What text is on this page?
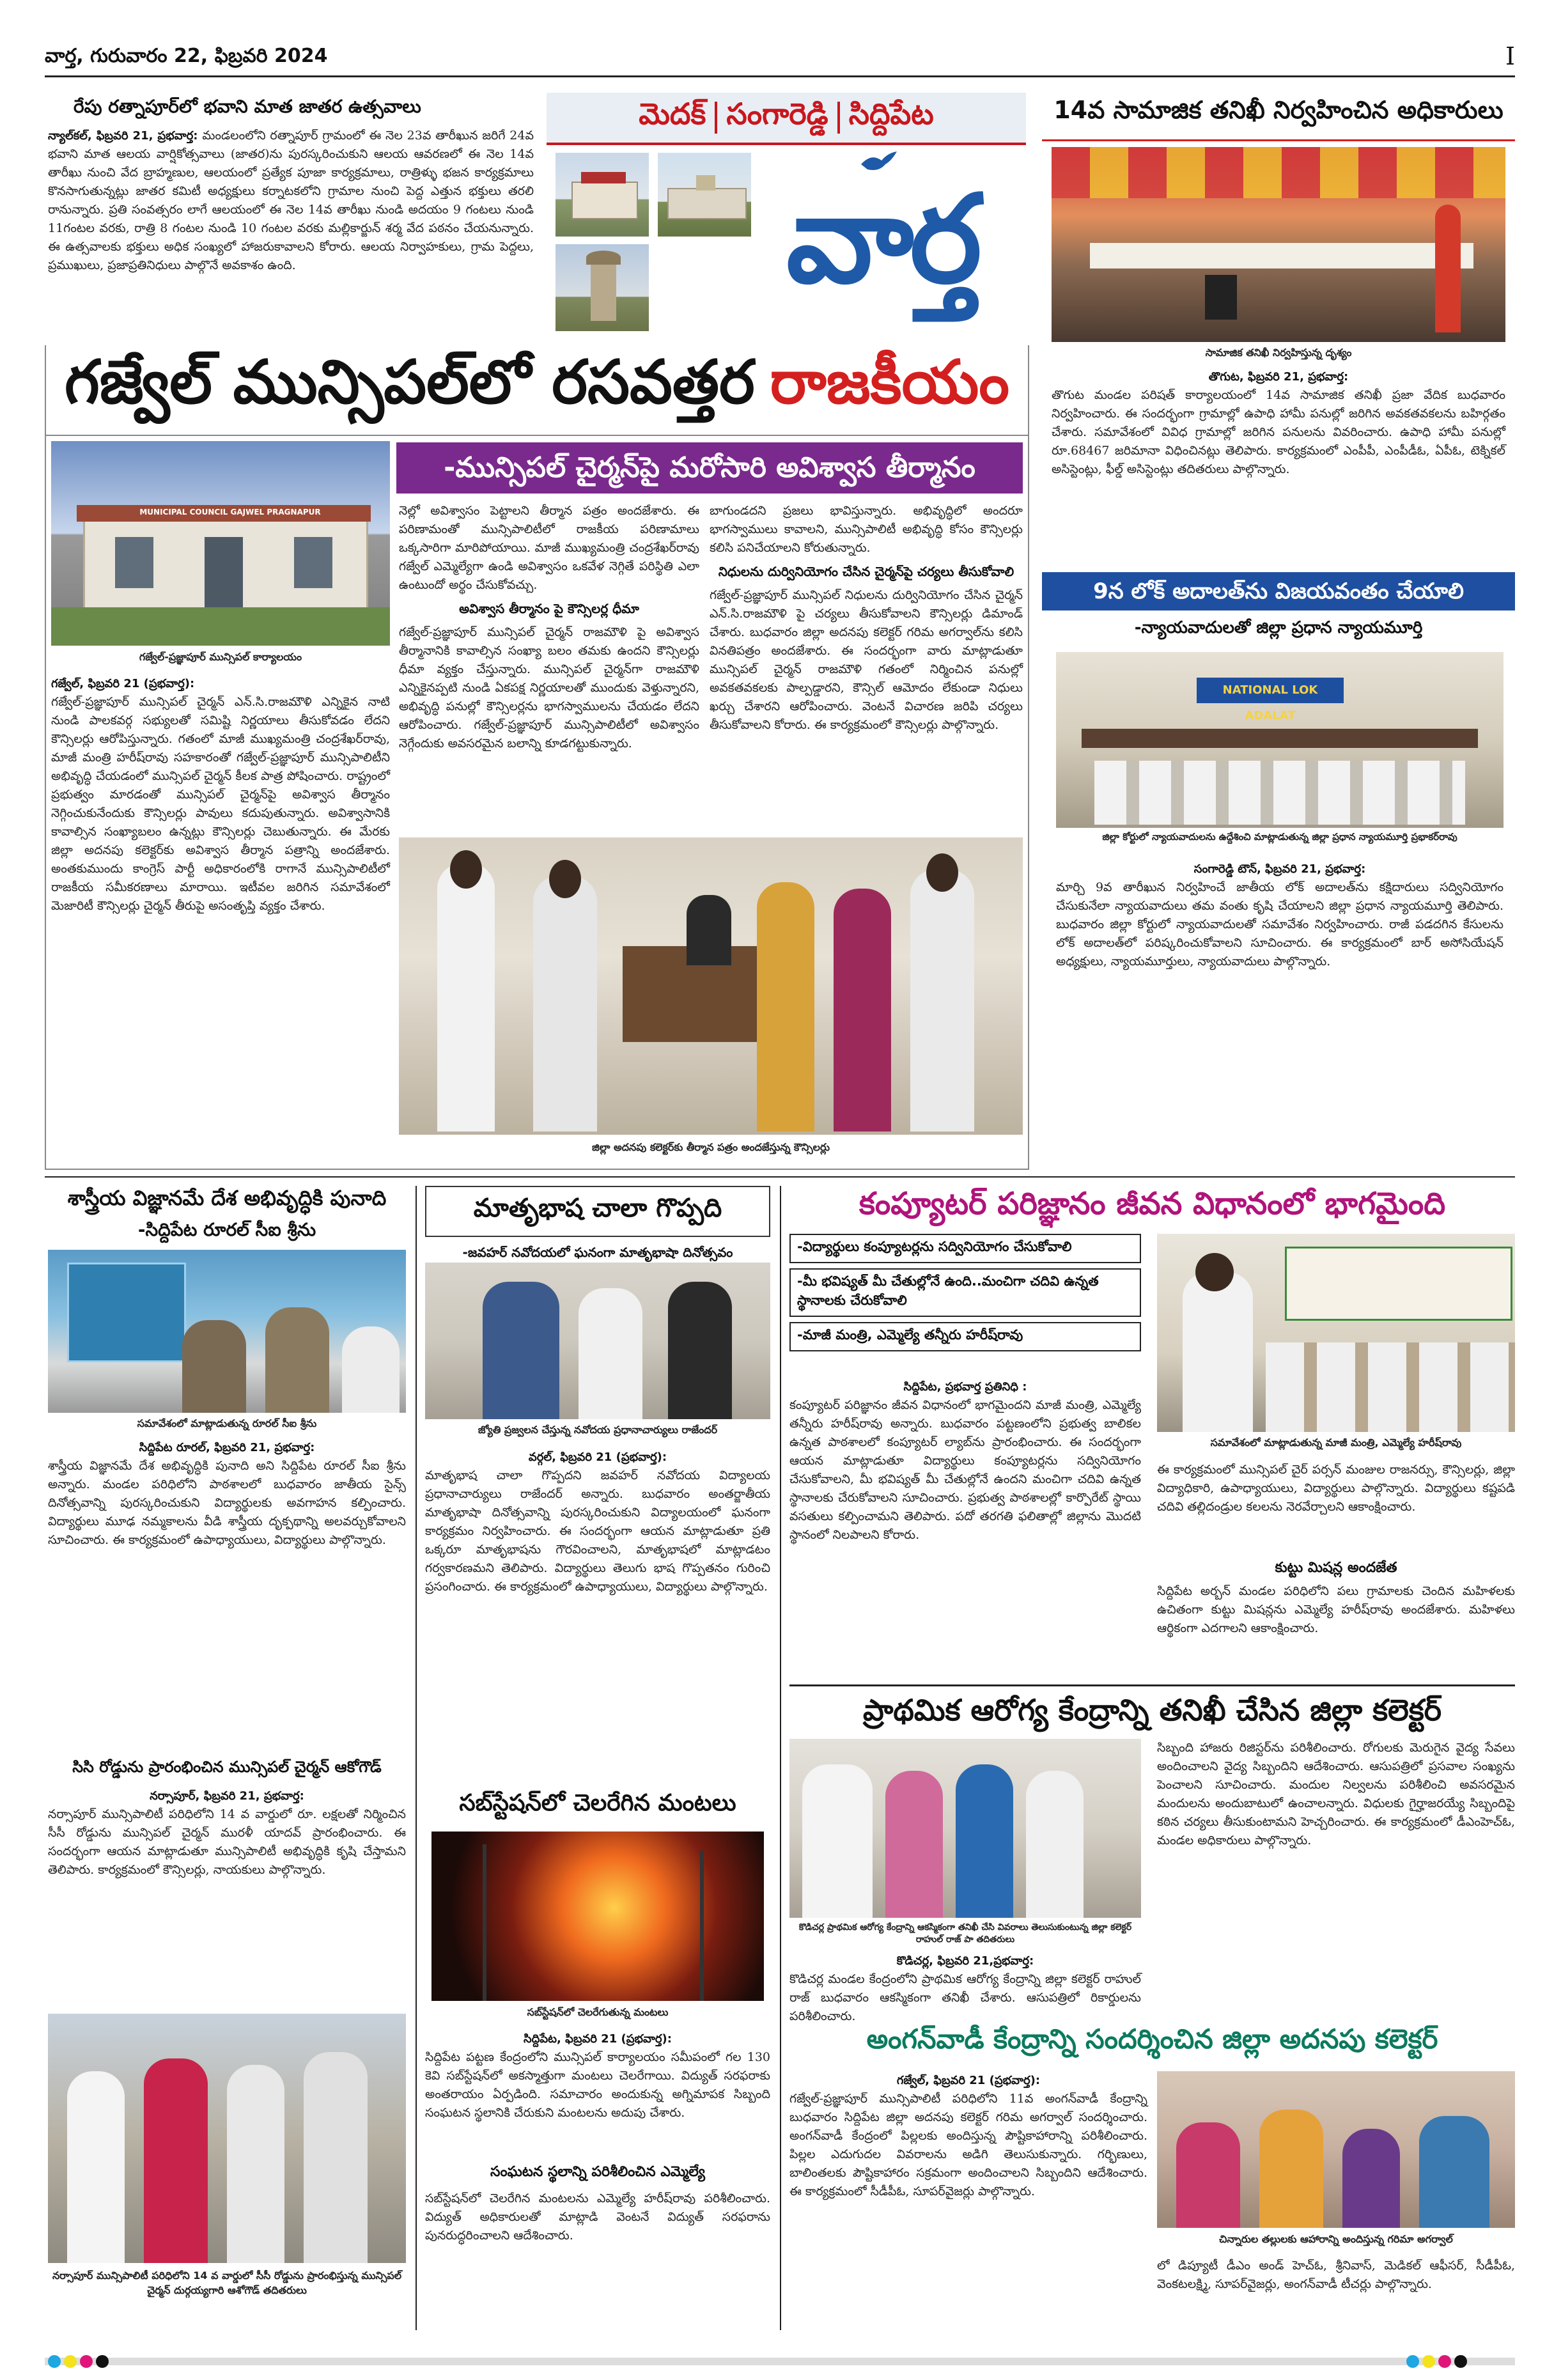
వార్త, గురువారం 22, ఫిబ్రవరి 2024	I
రేపు రత్నాపూర్‌లో భవాని మాత జాతర ఉత్సవాలు
న్యాల్‌కల్‌, ఫిబ్రవరి 21, ప్రభవార్త: మండలంలోని రత్నాపూర్ గ్రామంలో ఈ నెల 23వ తారీఖున జరిగే 24వ భవాని మాత ఆలయ వార్షికోత్సవాలు (జాతర)ను పురస్కరించుకుని ఆలయ ఆవరణలో ఈ నెల 14వ తారీఖు నుంచి వేద బ్రాహ్మణుల, ఆలయంలో ప్రత్యేక పూజా కార్యక్రమాలు, రాత్రిళ్ళు భజన కార్యక్రమాలు కొనసాగుతున్నట్లు జాతర కమిటీ అధ్యక్షులు కర్నాటకలోని గ్రామాల నుంచి పెద్ద ఎత్తున భక్తులు తరలి రానున్నారు. ప్రతి సంవత్సరం లాగే ఆలయంలో ఈ నెల 14వ తారీఖు నుండి అదయం 9 గంటలు నుండి 11గంటల వరకు, రాత్రి 8 గంటల నుండి 10 గంటల వరకు మల్లికార్జున్ శర్మ వేద పఠనం చేయనున్నారు. ఈ ఉత్సవాలకు భక్తులు అధిక సంఖ్యలో హాజరుకావాలని కోరారు. ఆలయ నిర్వాహకులు, గ్రామ పెద్దలు, ప్రముఖులు, ప్రజాప్రతినిధులు పాల్గొనే అవకాశం ఉంది.
మెదక్ సంగారెడ్డి సిద్దిపేట
వార్త
గజ్వేల్ మున్సిపల్‌లో రసవత్తర రాజకీయం
MUNICIPAL COUNCIL GAJWEL PRAGNAPUR
గజ్వేల్-ప్రజ్ఞాపూర్ మున్సిపల్ కార్యాలయం
-మున్సిపల్ చైర్మన్‌పై మరోసారి అవిశ్వాస తీర్మానం
గజ్వేల్‌, ఫిబ్రవరి 21 (ప్రభవార్త):
గజ్వేల్-ప్రజ్ఞాపూర్ మున్సిపల్ చైర్మన్ ఎన్.సి.రాజమౌళి ఎన్నికైన నాటి నుండి పాలకవర్గ సభ్యులతో సమిష్టి నిర్ణయాలు తీసుకోవడం లేదని కౌన్సిలర్లు ఆరోపిస్తున్నారు. గతంలో మాజీ ముఖ్యమంత్రి చంద్రశేఖర్‌రావు, మాజీ మంత్రి హరీష్‌రావు సహకారంతో గజ్వేల్-ప్రజ్ఞాపూర్ మున్సిపాలిటీని అభివృద్ధి చేయడంలో మున్సిపల్ చైర్మన్ కీలక పాత్ర పోషించారు. రాష్ట్రంలో ప్రభుత్వం మారడంతో మున్సిపల్ చైర్మన్‌పై అవిశ్వాస తీర్మానం నెగ్గించుకునేందుకు కౌన్సిలర్లు పావులు కదుపుతున్నారు. అవిశ్వాసానికి కావాల్సిన సంఖ్యాబలం ఉన్నట్లు కౌన్సిలర్లు చెబుతున్నారు. ఈ మేరకు జిల్లా అదనపు కలెక్టర్‌కు అవిశ్వాస తీర్మాన పత్రాన్ని అందజేశారు. అంతకుముందు కాంగ్రెస్ పార్టీ అధికారంలోకి రాగానే మున్సిపాలిటీలో రాజకీయ సమీకరణాలు మారాయి. ఇటీవల జరిగిన సమావేశంలో మెజారిటీ కౌన్సిలర్లు చైర్మన్ తీరుపై అసంతృప్తి వ్యక్తం చేశారు.
నెల్లో అవిశ్వాసం పెట్టాలని తీర్మాన పత్రం అందజేశారు. ఈ పరిణామంతో మున్సిపాలిటీలో రాజకీయ పరిణామాలు ఒక్కసారిగా మారిపోయాయి. మాజీ ముఖ్యమంత్రి చంద్రశేఖర్‌రావు గజ్వేల్ ఎమ్మెల్యేగా ఉండి అవిశ్వాసం ఒకవేళ నెగ్గితే పరిస్థితి ఎలా ఉంటుందో అర్థం చేసుకోవచ్చు.
అవిశ్వాస తీర్మానం పై కౌన్సిలర్ల ధీమా
గజ్వేల్-ప్రజ్ఞాపూర్ మున్సిపల్ చైర్మన్ రాజమౌళి పై అవిశ్వాస తీర్మానానికి కావాల్సిన సంఖ్యా బలం తమకు ఉందని కౌన్సిలర్లు ధీమా వ్యక్తం చేస్తున్నారు. మున్సిపల్ చైర్మన్‌గా రాజమౌళి ఎన్నికైనప్పటి నుండి ఏకపక్ష నిర్ణయాలతో ముందుకు వెళ్తున్నారని, అభివృద్ధి పనుల్లో కౌన్సిలర్లను భాగస్వాములను చేయడం లేదని ఆరోపించారు. గజ్వేల్-ప్రజ్ఞాపూర్ మున్సిపాలిటీలో అవిశ్వాసం నెగ్గేందుకు అవసరమైన బలాన్ని కూడగట్టుకున్నారు.
బాగుండదని ప్రజలు భావిస్తున్నారు. అభివృద్ధిలో అందరూ భాగస్వాములు కావాలని, మున్సిపాలిటీ అభివృద్ధి కోసం కౌన్సిలర్లు కలిసి పనిచేయాలని కోరుతున్నారు.
నిధులను దుర్వినియోగం చేసిన చైర్మన్‌పై చర్యలు తీసుకోవాలి
గజ్వేల్-ప్రజ్ఞాపూర్ మున్సిపల్ నిధులను దుర్వినియోగం చేసిన చైర్మన్ ఎన్.సి.రాజమౌళి పై చర్యలు తీసుకోవాలని కౌన్సిలర్లు డిమాండ్ చేశారు. బుధవారం జిల్లా అదనపు కలెక్టర్ గరిమ అగర్వాల్‌ను కలిసి వినతిపత్రం అందజేశారు. ఈ సందర్భంగా వారు మాట్లాడుతూ మున్సిపల్ చైర్మన్ రాజమౌళి గతంలో నిర్మించిన పనుల్లో అవకతవకలకు పాల్పడ్డారని, కౌన్సిల్ ఆమోదం లేకుండా నిధులు ఖర్చు చేశారని ఆరోపించారు. వెంటనే విచారణ జరిపి చర్యలు తీసుకోవాలని కోరారు. ఈ కార్యక్రమంలో కౌన్సిలర్లు పాల్గొన్నారు.
జిల్లా అదనపు కలెక్టర్‌కు తీర్మాన పత్రం అందజేస్తున్న కౌన్సిలర్లు
14వ సామాజిక తనిఖీ నిర్వహించిన అధికారులు
సామాజిక తనిఖీ నిర్వహిస్తున్న దృశ్యం
తొగుట, ఫిబ్రవరి 21, ప్రభవార్త:
తొగుట మండల పరిషత్ కార్యాలయంలో 14వ సామాజిక తనిఖీ ప్రజా వేదిక బుధవారం నిర్వహించారు. ఈ సందర్భంగా గ్రామాల్లో ఉపాధి హామీ పనుల్లో జరిగిన అవకతవకలను బహిర్గతం చేశారు. సమావేశంలో వివిధ గ్రామాల్లో జరిగిన పనులను వివరించారు. ఉపాధి హామీ పనుల్లో రూ.68467 జరిమానా విధించినట్లు తెలిపారు. కార్యక్రమంలో ఎంపీపీ, ఎంపీడీఓ, ఏపీఓ, టెక్నికల్ అసిస్టెంట్లు, ఫీల్డ్ అసిస్టెంట్లు తదితరులు పాల్గొన్నారు.
9న లోక్ అదాలత్‌ను విజయవంతం చేయాలి
-న్యాయవాదులతో జిల్లా ప్రధాన న్యాయమూర్తి
NATIONAL LOK ADALAT
జిల్లా కోర్టులో న్యాయవాదులను ఉద్దేశించి మాట్లాడుతున్న జిల్లా ప్రధాన న్యాయమూర్తి ప్రభాకర్‌రావు
సంగారెడ్డి టౌన్, ఫిబ్రవరి 21, ప్రభవార్త:
మార్చి 9వ తారీఖున నిర్వహించే జాతీయ లోక్ అదాలత్‌ను కక్షిదారులు సద్వినియోగం చేసుకునేలా న్యాయవాదులు తమ వంతు కృషి చేయాలని జిల్లా ప్రధాన న్యాయమూర్తి తెలిపారు. బుధవారం జిల్లా కోర్టులో న్యాయవాదులతో సమావేశం నిర్వహించారు. రాజీ పడదగిన కేసులను లోక్ అదాలత్‌లో పరిష్కరించుకోవాలని సూచించారు. ఈ కార్యక్రమంలో బార్ అసోసియేషన్ అధ్యక్షులు, న్యాయమూర్తులు, న్యాయవాదులు పాల్గొన్నారు.
శాస్త్రీయ విజ్ఞానమే దేశ అభివృద్ధికి పునాది
-సిద్దిపేట రూరల్ సీఐ శ్రీను
సమావేశంలో మాట్లాడుతున్న రూరల్ సీఐ శ్రీను
సిద్దిపేట రూరల్, ఫిబ్రవరి 21, ప్రభవార్త:
శాస్త్రీయ విజ్ఞానమే దేశ అభివృద్ధికి పునాది అని సిద్దిపేట రూరల్ సీఐ శ్రీను అన్నారు. మండల పరిధిలోని పాఠశాలలో బుధవారం జాతీయ సైన్స్ దినోత్సవాన్ని పురస్కరించుకుని విద్యార్థులకు అవగాహన కల్పించారు. విద్యార్థులు మూఢ నమ్మకాలను వీడి శాస్త్రీయ దృక్పథాన్ని అలవర్చుకోవాలని సూచించారు. ఈ కార్యక్రమంలో ఉపాధ్యాయులు, విద్యార్థులు పాల్గొన్నారు.
సిసి రోడ్డును ప్రారంభించిన మున్సిపల్ చైర్మన్ ఆకోగౌడ్
నర్సాపూర్, ఫిబ్రవరి 21, ప్రభవార్త:
నర్సాపూర్ మున్సిపాలిటీ పరిధిలోని 14 వ వార్డులో రూ. లక్షలతో నిర్మించిన సీసీ రోడ్డును మున్సిపల్ చైర్మన్ మురళీ యాదవ్ ప్రారంభించారు. ఈ సందర్భంగా ఆయన మాట్లాడుతూ మున్సిపాలిటీ అభివృద్ధికి కృషి చేస్తామని తెలిపారు. కార్యక్రమంలో కౌన్సిలర్లు, నాయకులు పాల్గొన్నారు.
నర్సాపూర్ మున్సిపాలిటీ పరిధిలోని 14 వ వార్డులో సీసీ రోడ్డును ప్రారంభిస్తున్న మున్సిపల్ చైర్మన్ దుర్గయ్యగారి ఆశోగౌడ్ తదితరులు
మాతృభాష చాలా గొప్పది
-జవహర్ నవోదయలో ఘనంగా మాతృభాషా దినోత్సవం
జ్యోతి ప్రజ్వలన చేస్తున్న నవోదయ ప్రధానాచార్యులు రాజేందర్
వర్గల్, ఫిబ్రవరి 21 (ప్రభవార్త):
మాతృభాష చాలా గొప్పదని జవహర్ నవోదయ విద్యాలయ ప్రధానాచార్యులు రాజేందర్ అన్నారు. బుధవారం అంతర్జాతీయ మాతృభాషా దినోత్సవాన్ని పురస్కరించుకుని విద్యాలయంలో ఘనంగా కార్యక్రమం నిర్వహించారు. ఈ సందర్భంగా ఆయన మాట్లాడుతూ ప్రతి ఒక్కరూ మాతృభాషను గౌరవించాలని, మాతృభాషలో మాట్లాడటం గర్వకారణమని తెలిపారు. విద్యార్థులు తెలుగు భాష గొప్పతనం గురించి ప్రసంగించారు. ఈ కార్యక్రమంలో ఉపాధ్యాయులు, విద్యార్థులు పాల్గొన్నారు.
సబ్‌స్టేషన్‌లో చెలరేగిన మంటలు
సబ్‌స్టేషన్‌లో చెలరేగుతున్న మంటలు
సిద్దిపేట, ఫిబ్రవరి 21 (ప్రభవార్త):
సిద్దిపేట పట్టణ కేంద్రంలోని మున్సిపల్ కార్యాలయం సమీపంలో గల 130 కెవి సబ్‌స్టేషన్‌లో అకస్మాత్తుగా మంటలు చెలరేగాయి. విద్యుత్ సరఫరాకు అంతరాయం ఏర్పడింది. సమాచారం అందుకున్న అగ్నిమాపక సిబ్బంది సంఘటన స్థలానికి చేరుకుని మంటలను అదుపు చేశారు.
సంఘటన స్థలాన్ని పరిశీలించిన ఎమ్మెల్యే
సబ్‌స్టేషన్‌లో చెలరేగిన మంటలను ఎమ్మెల్యే హరీష్‌రావు పరిశీలించారు. విద్యుత్ అధికారులతో మాట్లాడి వెంటనే విద్యుత్ సరఫరాను పునరుద్ధరించాలని ఆదేశించారు.
కంప్యూటర్ పరిజ్ఞానం జీవన విధానంలో భాగమైంది
-విద్యార్థులు కంప్యూటర్లను సద్వినియోగం చేసుకోవాలి
-మీ భవిష్యత్ మీ చేతుల్లోనే ఉంది..మంచిగా చదివి ఉన్నత స్థానాలకు చేరుకోవాలి
-మాజీ మంత్రి, ఎమ్మెల్యే తన్నీరు హరీష్‌రావు
సిద్దిపేట, ప్రభవార్త ప్రతినిధి :
కంప్యూటర్ పరిజ్ఞానం జీవన విధానంలో భాగమైందని మాజీ మంత్రి, ఎమ్మెల్యే తన్నీరు హరీష్‌రావు అన్నారు. బుధవారం పట్టణంలోని ప్రభుత్వ బాలికల ఉన్నత పాఠశాలలో కంప్యూటర్ ల్యాబ్‌ను ప్రారంభించారు. ఈ సందర్భంగా ఆయన మాట్లాడుతూ విద్యార్థులు కంప్యూటర్లను సద్వినియోగం చేసుకోవాలని, మీ భవిష్యత్ మీ చేతుల్లోనే ఉందని మంచిగా చదివి ఉన్నత స్థానాలకు చేరుకోవాలని సూచించారు. ప్రభుత్వ పాఠశాలల్లో కార్పొరేట్ స్థాయి వసతులు కల్పించామని తెలిపారు. పదో తరగతి ఫలితాల్లో జిల్లాను మొదటి స్థానంలో నిలపాలని కోరారు.
సమావేశంలో మాట్లాడుతున్న మాజీ మంత్రి, ఎమ్మెల్యే హరీష్‌రావు
ఈ కార్యక్రమంలో మున్సిపల్ చైర్ పర్సన్ మంజుల రాజనర్సు, కౌన్సిలర్లు, జిల్లా విద్యాధికారి, ఉపాధ్యాయులు, విద్యార్థులు పాల్గొన్నారు. విద్యార్థులు కష్టపడి చదివి తల్లిదండ్రుల కలలను నెరవేర్చాలని ఆకాంక్షించారు.
కుట్టు మిషన్ల అందజేత
సిద్దిపేట అర్బన్ మండల పరిధిలోని పలు గ్రామాలకు చెందిన మహిళలకు ఉచితంగా కుట్టు మిషన్లను ఎమ్మెల్యే హరీష్‌రావు అందజేశారు. మహిళలు ఆర్థికంగా ఎదగాలని ఆకాంక్షించారు.
ప్రాథమిక ఆరోగ్య కేంద్రాన్ని తనిఖీ చేసిన జిల్లా కలెక్టర్
కొడిచర్ల ప్రాథమిక ఆరోగ్య కేంద్రాన్ని ఆకస్మికంగా తనిఖీ చేసి వివరాలు తెలుసుకుంటున్న జిల్లా కలెక్టర్ రాహుల్ రాజ్ పా తదితరులు
కొడిచర్ల, ఫిబ్రవరి 21,ప్రభవార్త:
కొడిచర్ల మండల కేంద్రంలోని ప్రాథమిక ఆరోగ్య కేంద్రాన్ని జిల్లా కలెక్టర్ రాహుల్ రాజ్ బుధవారం ఆకస్మికంగా తనిఖీ చేశారు. ఆసుపత్రిలో రికార్డులను పరిశీలించారు.
సిబ్బంది హాజరు రిజిస్టర్‌ను పరిశీలించారు. రోగులకు మెరుగైన వైద్య సేవలు అందించాలని వైద్య సిబ్బందిని ఆదేశించారు. ఆసుపత్రిలో ప్రసవాల సంఖ్యను పెంచాలని సూచించారు. మందుల నిల్వలను పరిశీలించి అవసరమైన మందులను అందుబాటులో ఉంచాలన్నారు. విధులకు గైర్హాజరయ్యే సిబ్బందిపై కఠిన చర్యలు తీసుకుంటామని హెచ్చరించారు. ఈ కార్యక్రమంలో డీఎంహెచ్‌ఓ, మండల అధికారులు పాల్గొన్నారు.
అంగన్‌వాడీ కేంద్రాన్ని సందర్శించిన జిల్లా అదనపు కలెక్టర్
గజ్వేల్, ఫిబ్రవరి 21 (ప్రభవార్త):
గజ్వేల్-ప్రజ్ఞాపూర్ మున్సిపాలిటీ పరిధిలోని 11వ అంగన్‌వాడీ కేంద్రాన్ని బుధవారం సిద్దిపేట జిల్లా అదనపు కలెక్టర్ గరిమ అగర్వాల్ సందర్శించారు. అంగన్‌వాడీ కేంద్రంలో పిల్లలకు అందిస్తున్న పౌష్టికాహారాన్ని పరిశీలించారు. పిల్లల ఎదుగుదల వివరాలను అడిగి తెలుసుకున్నారు. గర్భిణులు, బాలింతలకు పౌష్టికాహారం సక్రమంగా అందించాలని సిబ్బందిని ఆదేశించారు. ఈ కార్యక్రమంలో సీడీపీఓ, సూపర్‌వైజర్లు పాల్గొన్నారు.
చిన్నారుల తల్లులకు ఆహారాన్ని అందిస్తున్న గరిమా అగర్వాల్
లో డిప్యూటీ డీఎం అండ్ హెచ్‌ఓ, శ్రీనివాస్, మెడికల్ ఆఫీసర్, సీడీపీఓ, వెంకటలక్ష్మి, సూపర్‌వైజర్లు, అంగన్‌వాడీ టీచర్లు పాల్గొన్నారు.
